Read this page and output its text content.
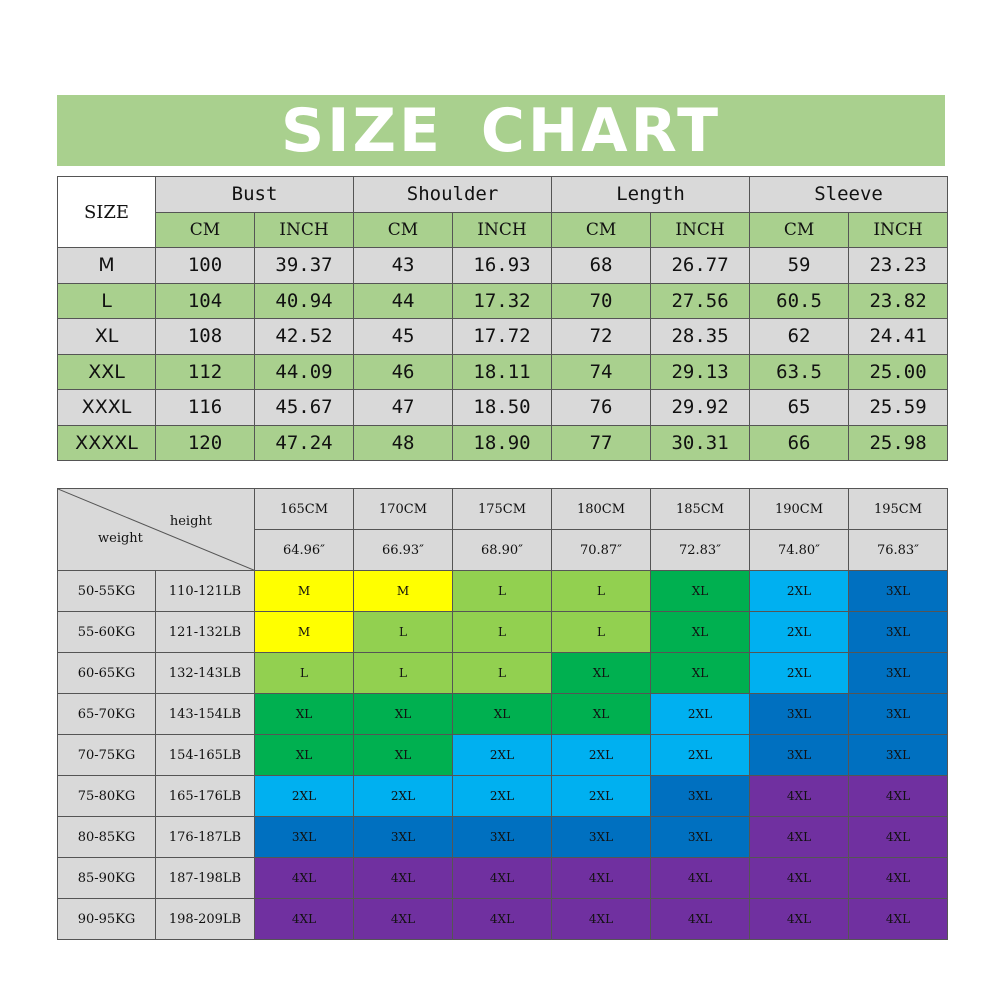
SIZE CHART
SIZE	Bust		Shoulder		Length		Sleeve	
	CM	INCH	CM	INCH	CM	INCH	CM	INCH
M	100	39.37	43	16.93	68	26.77	59	23.23
L	104	40.94	44	17.32	70	27.56	60.5	23.82
XL	108	42.52	45	17.72	72	28.35	62	24.41
XXL	112	44.09	46	18.11	74	29.13	63.5	25.00
XXXL	116	45.67	47	18.50	76	29.92	65	25.59
XXXXL	120	47.24	48	18.90	77	30.31	66	25.98
height
weight		165CM	170CM	175CM	180CM	185CM	190CM	195CM
		64.96″	66.93″	68.90″	70.87″	72.83″	74.80″	76.83″
50-55KG	110-121LB	M	M	L	L	XL	2XL	3XL
55-60KG	121-132LB	M	L	L	L	XL	2XL	3XL
60-65KG	132-143LB	L	L	L	XL	XL	2XL	3XL
65-70KG	143-154LB	XL	XL	XL	XL	2XL	3XL	3XL
70-75KG	154-165LB	XL	XL	2XL	2XL	2XL	3XL	3XL
75-80KG	165-176LB	2XL	2XL	2XL	2XL	3XL	4XL	4XL
80-85KG	176-187LB	3XL	3XL	3XL	3XL	3XL	4XL	4XL
85-90KG	187-198LB	4XL	4XL	4XL	4XL	4XL	4XL	4XL
90-95KG	198-209LB	4XL	4XL	4XL	4XL	4XL	4XL	4XL
